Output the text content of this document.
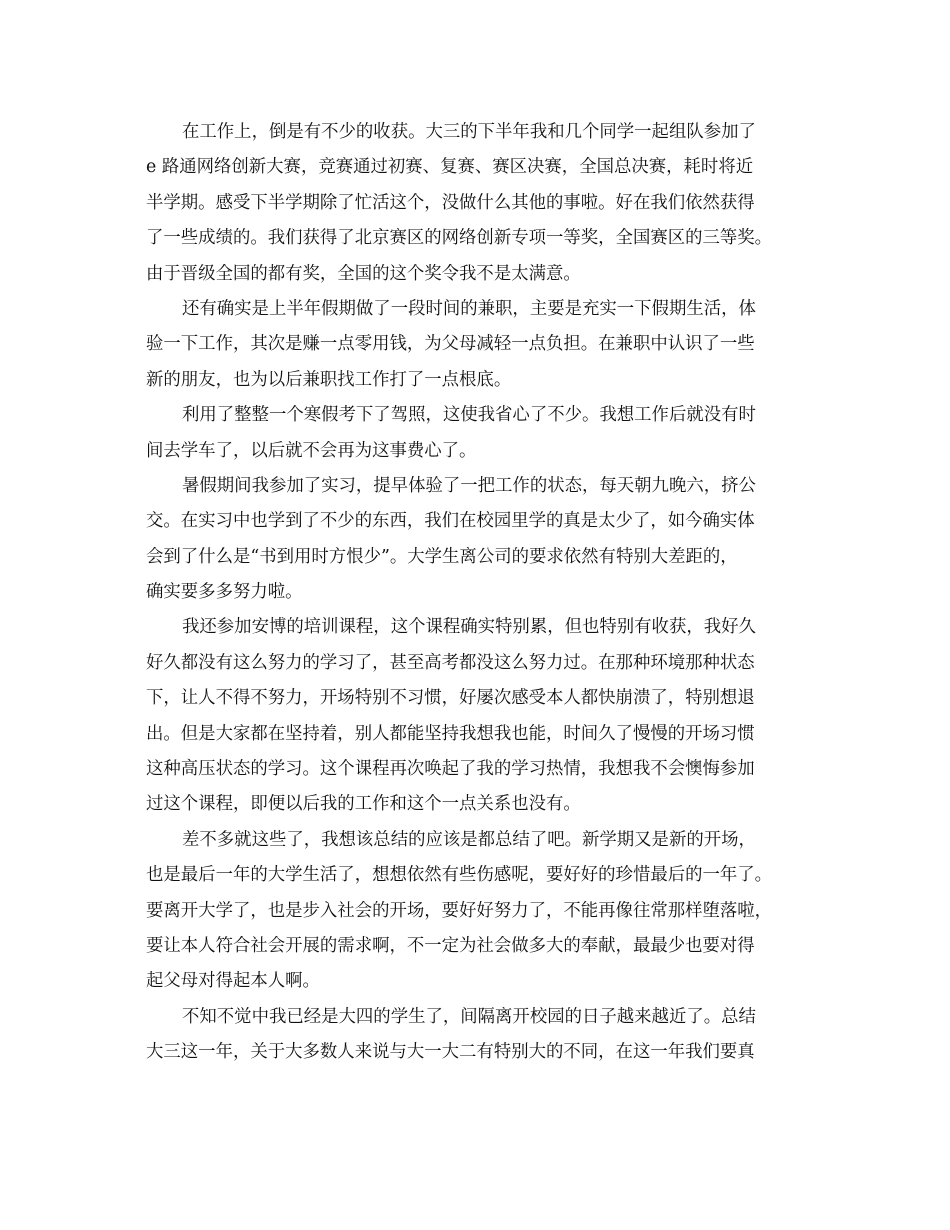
在工作上，倒是有不少的收获。大三的下半年我和几个同学一起组队参加了
e 路通网络创新大赛，竞赛通过初赛、复赛、赛区决赛，全国总决赛，耗时将近
半学期。感受下半学期除了忙活这个，没做什么其他的事啦。好在我们依然获得
了一些成绩的。我们获得了北京赛区的网络创新专项一等奖，全国赛区的三等奖。
由于晋级全国的都有奖，全国的这个奖令我不是太满意。
还有确实是上半年假期做了一段时间的兼职，主要是充实一下假期生活，体
验一下工作，其次是赚一点零用钱，为父母减轻一点负担。在兼职中认识了一些
新的朋友，也为以后兼职找工作打了一点根底。
利用了整整一个寒假考下了驾照，这使我省心了不少。我想工作后就没有时
间去学车了，以后就不会再为这事费心了。
暑假期间我参加了实习，提早体验了一把工作的状态，每天朝九晚六，挤公
交。在实习中也学到了不少的东西，我们在校园里学的真是太少了，如今确实体
会到了什么是“书到用时方恨少”。大学生离公司的要求依然有特别大差距的，
确实要多多努力啦。
我还参加安博的培训课程，这个课程确实特别累，但也特别有收获，我好久
好久都没有这么努力的学习了，甚至高考都没这么努力过。在那种环境那种状态
下，让人不得不努力，开场特别不习惯，好屡次感受本人都快崩溃了，特别想退
出。但是大家都在坚持着，别人都能坚持我想我也能，时间久了慢慢的开场习惯
这种高压状态的学习。这个课程再次唤起了我的学习热情，我想我不会懊悔参加
过这个课程，即便以后我的工作和这个一点关系也没有。
差不多就这些了，我想该总结的应该是都总结了吧。新学期又是新的开场，
也是最后一年的大学生活了，想想依然有些伤感呢，要好好的珍惜最后的一年了。
要离开大学了，也是步入社会的开场，要好好努力了，不能再像往常那样堕落啦，
要让本人符合社会开展的需求啊，不一定为社会做多大的奉献，最最少也要对得
起父母对得起本人啊。
不知不觉中我已经是大四的学生了，间隔离开校园的日子越来越近了。总结
大三这一年，关于大多数人来说与大一大二有特别大的不同，在这一年我们要真
